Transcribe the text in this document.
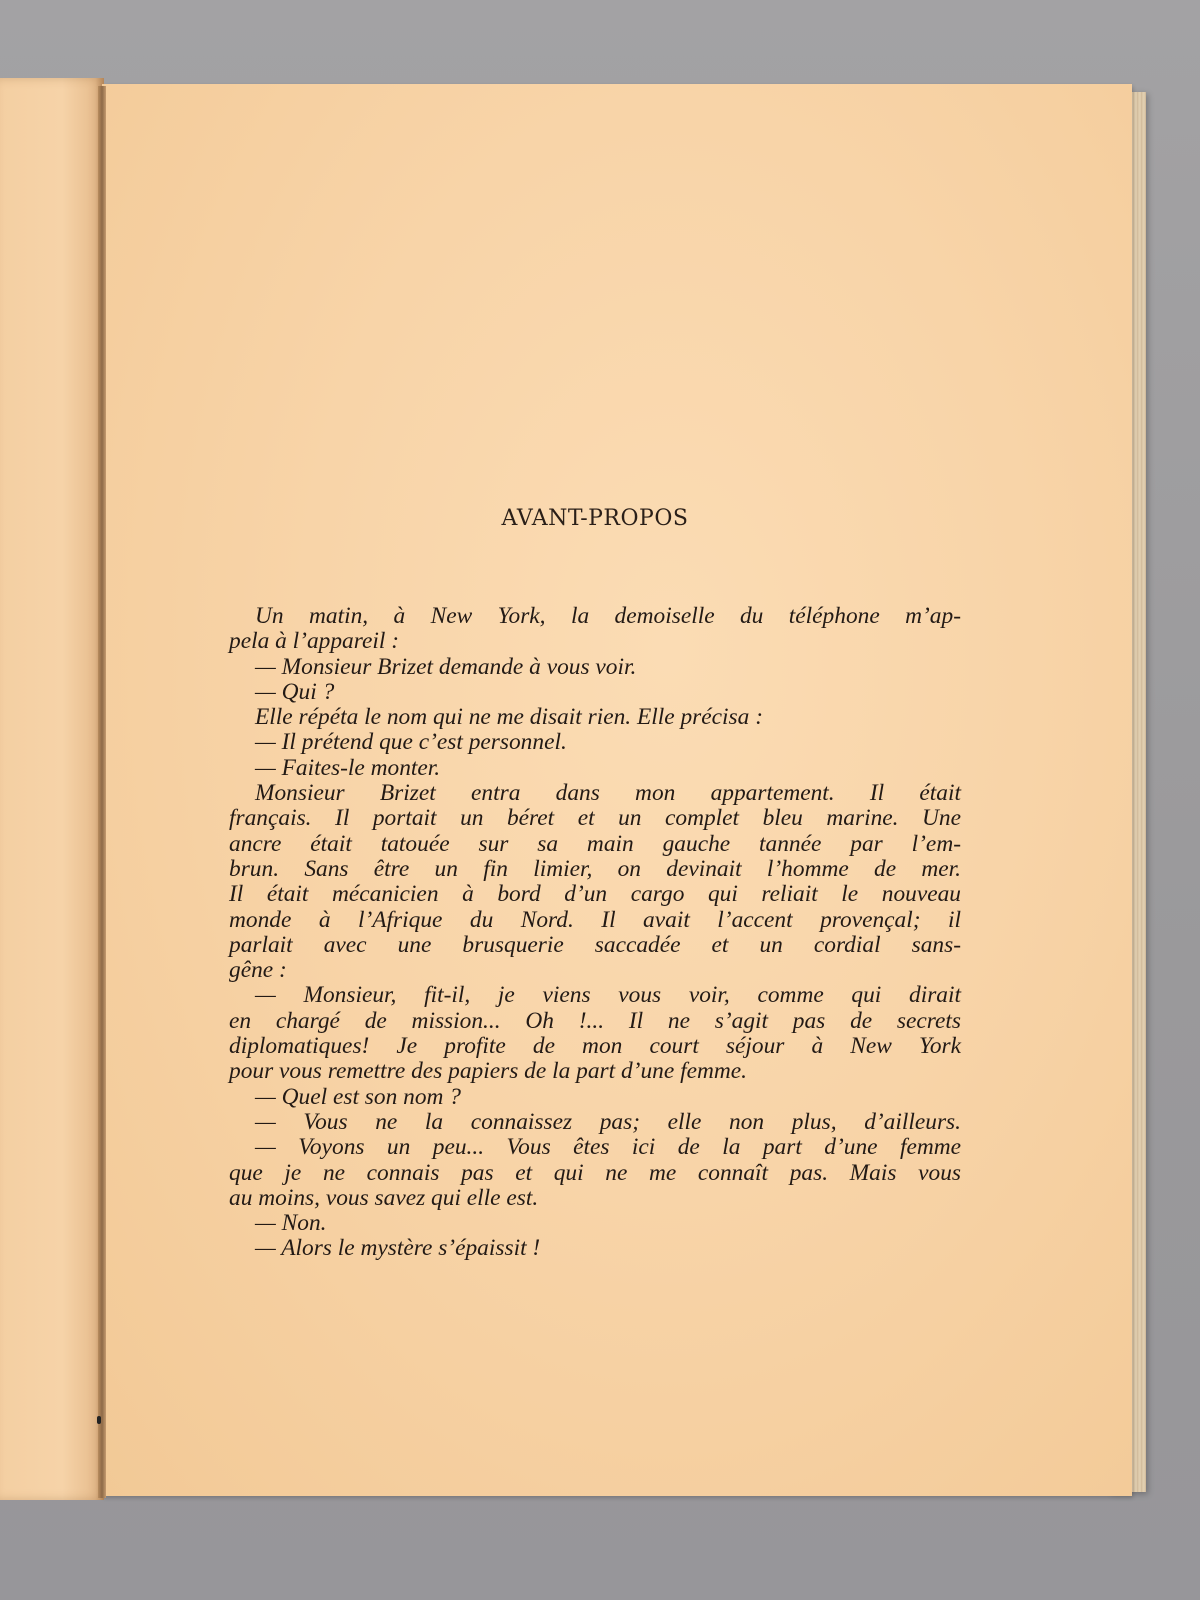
AVANT-PROPOS
Un matin, à New York, la demoiselle du téléphone m’ap-
pela à l’appareil :
— Monsieur Brizet demande à vous voir.
— Qui ?
Elle répéta le nom qui ne me disait rien. Elle précisa :
— Il prétend que c’est personnel.
— Faites-le monter.
Monsieur Brizet entra dans mon appartement. Il était
français. Il portait un béret et un complet bleu marine. Une
ancre était tatouée sur sa main gauche tannée par l’em-
brun. Sans être un fin limier, on devinait l’homme de mer.
Il était mécanicien à bord d’un cargo qui reliait le nouveau
monde à l’Afrique du Nord. Il avait l’accent provençal; il
parlait avec une brusquerie saccadée et un cordial sans-
gêne :
— Monsieur, fit-il, je viens vous voir, comme qui dirait
en chargé de mission... Oh !... Il ne s’agit pas de secrets
diplomatiques! Je profite de mon court séjour à New York
pour vous remettre des papiers de la part d’une femme.
— Quel est son nom ?
— Vous ne la connaissez pas; elle non plus, d’ailleurs.
— Voyons un peu... Vous êtes ici de la part d’une femme
que je ne connais pas et qui ne me connaît pas. Mais vous
au moins, vous savez qui elle est.
— Non.
— Alors le mystère s’épaissit !
